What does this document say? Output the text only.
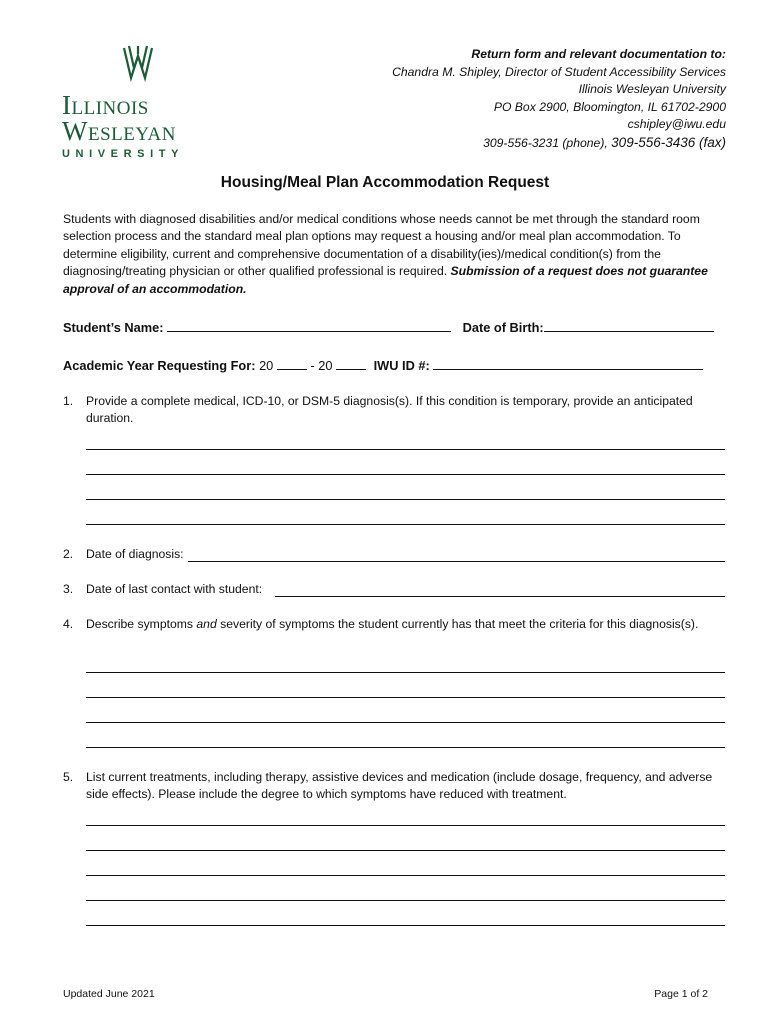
Illinois
Wesleyan
UNIVERSITY
Return form and relevant documentation to:
Chandra M. Shipley, Director of Student Accessibility Services
Illinois Wesleyan University
PO Box 2900, Bloomington, IL 61702-2900
cshipley@iwu.edu
309-556-3231 (phone), 309-556-3436 (fax)
Housing/Meal Plan Accommodation Request
Students with diagnosed disabilities and/or medical conditions whose needs cannot be met through the standard room selection process and the standard meal plan options may request a housing and/or meal plan accommodation. To determine eligibility, current and comprehensive documentation of a disability(ies)/medical condition(s) from the diagnosing/treating physician or other qualified professional is required. Submission of a request does not guarantee approval of an accommodation.
Student’s Name:	Date of Birth:
Academic Year Requesting For: 20	- 20	IWU ID #:
1. Provide a complete medical, ICD-10, or DSM-5 diagnosis(s). If this condition is temporary, provide an anticipated duration.
2. Date of diagnosis:
3. Date of last contact with student:
4. Describe symptoms and severity of symptoms the student currently has that meet the criteria for this diagnosis(s).
5. List current treatments, including therapy, assistive devices and medication (include dosage, frequency, and adverse side effects). Please include the degree to which symptoms have reduced with treatment.
Updated June 2021	Page 1 of 2
